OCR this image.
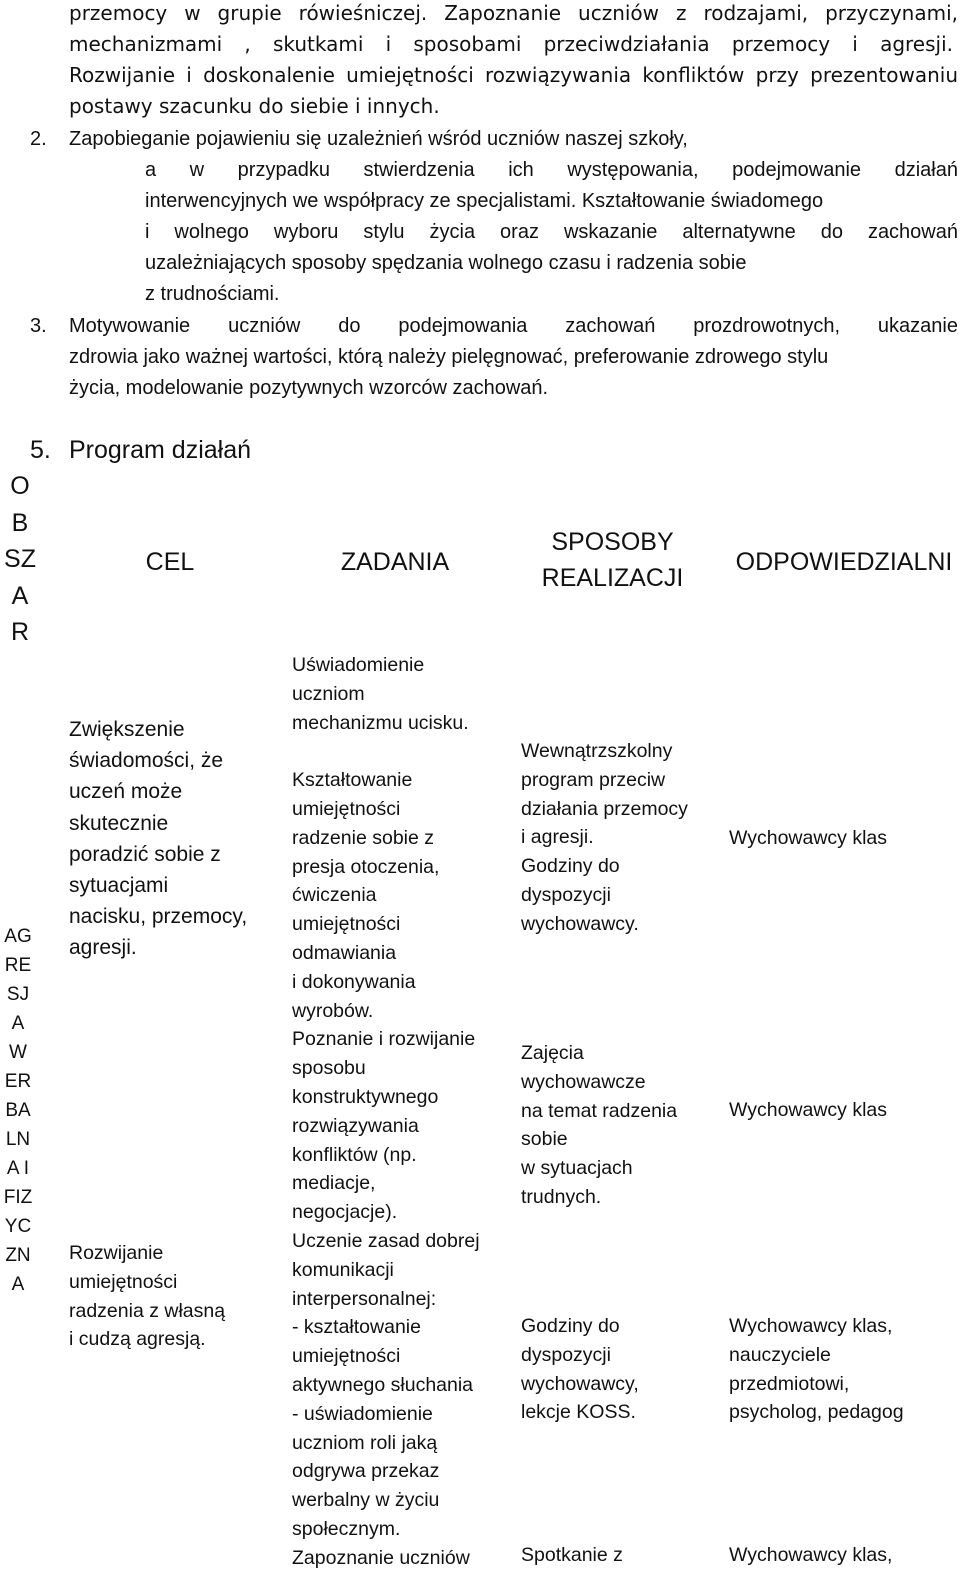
przemocy w grupie rówieśniczej. Zapoznanie uczniów z rodzajami, przyczynami,
mechanizmami , skutkami i sposobami przeciwdziałania przemocy i agresji.
Rozwijanie i doskonalenie umiejętności rozwiązywania konfliktów przy prezentowaniu
postawy szacunku do siebie i innych.
2. Zapobieganie pojawieniu się uzależnień wśród uczniów naszej szkoły,
a w przypadku stwierdzenia ich występowania, podejmowanie działań
interwencyjnych we współpracy ze specjalistami. Kształtowanie świadomego
i wolnego wyboru stylu życia oraz wskazanie alternatywne do zachowań
uzależniających sposoby spędzania wolnego czasu i radzenia sobie
z trudnościami.
3. Motywowanie uczniów do podejmowania zachowań prozdrowotnych, ukazanie
zdrowia jako ważnej wartości, którą należy pielęgnować, preferowanie zdrowego stylu
życia, modelowanie pozytywnych wzorców zachowań.
5. Program działań
O
B
SZ
A
R
CEL	ZADANIA
SPOSOBY
REALIZACJI
ODPOWIEDZIALNI
AG
RE
SJ
A
W
ER
BA
LN
A I
FIZ
YC
ZN
A
Zwiększenie
świadomości, że
uczeń może
skutecznie
poradzić sobie z
sytuacjami
nacisku, przemocy,
agresji.
Rozwijanie
umiejętności
radzenia z własną
i cudzą agresją.
Uświadomienie
uczniom
mechanizmu ucisku.

Kształtowanie
umiejętności
radzenie sobie z
presja otoczenia,
ćwiczenia
umiejętności
odmawiania
i dokonywania
wyrobów.
Poznanie i rozwijanie
sposobu
konstruktywnego
rozwiązywania
konfliktów (np.
mediacje,
negocjacje).
Uczenie zasad dobrej
komunikacji
interpersonalnej:
- kształtowanie
umiejętności
aktywnego słuchania
- uświadomienie
uczniom roli jaką
odgrywa przekaz
werbalny w życiu
społecznym.
Zapoznanie uczniów
Wewnątrzszkolny
program przeciw
działania przemocy
i agresji.
Godziny do
dyspozycji
wychowawcy.
Zajęcia
wychowawcze
na temat radzenia
sobie
w sytuacjach
trudnych.
Godziny do
dyspozycji
wychowawcy,
lekcje KOSS.
Spotkanie z
Wychowawcy klas
Wychowawcy klas
Wychowawcy klas,
nauczyciele
przedmiotowi,
psycholog, pedagog
Wychowawcy klas,
